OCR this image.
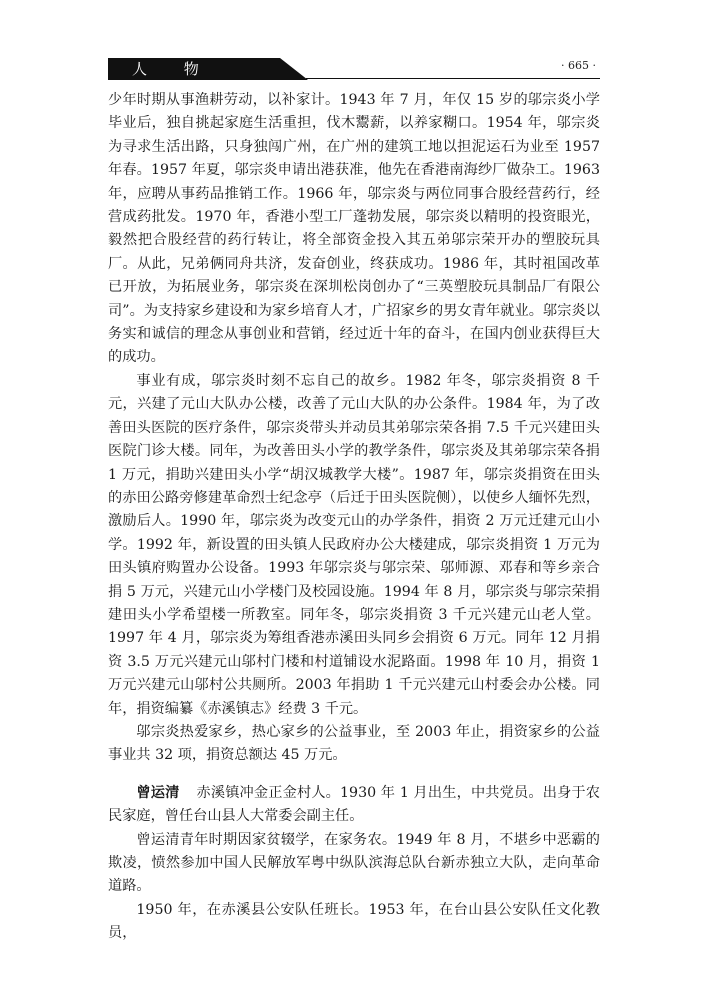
人 物	· 665 ·

少年时期从事渔耕劳动，以补家计。1943 年 7 月，年仅 15 岁的邬宗炎小学毕业后，独自挑起家庭生活重担，伐木鬻薪，以养家糊口。1954 年，邬宗炎为寻求生活出路，只身独闯广州，在广州的建筑工地以担泥运石为业至 1957 年春。1957 年夏，邬宗炎申请出港获准，他先在香港南海纱厂做杂工。1963 年，应聘从事药品推销工作。1966 年，邬宗炎与两位同事合股经营药行，经营成药批发。1970 年，香港小型工厂蓬勃发展，邬宗炎以精明的投资眼光，毅然把合股经营的药行转让，将全部资金投入其五弟邬宗荣开办的塑胶玩具厂。从此，兄弟俩同舟共济，发奋创业，终获成功。1986 年，其时祖国改革已开放，为拓展业务，邬宗炎在深圳松岗创办了“三英塑胶玩具制品厂有限公司”。为支持家乡建设和为家乡培育人才，广招家乡的男女青年就业。邬宗炎以务实和诚信的理念从事创业和营销，经过近十年的奋斗，在国内创业获得巨大的成功。

事业有成，邬宗炎时刻不忘自己的故乡。1982 年冬，邬宗炎捐资 8 千元，兴建了元山大队办公楼，改善了元山大队的办公条件。1984 年，为了改善田头医院的医疗条件，邬宗炎带头并动员其弟邬宗荣各捐 7.5 千元兴建田头医院门诊大楼。同年，为改善田头小学的教学条件，邬宗炎及其弟邬宗荣各捐 1 万元，捐助兴建田头小学“胡汉城教学大楼”。1987 年，邬宗炎捐资在田头的赤田公路旁修建革命烈士纪念亭（后迁于田头医院侧），以使乡人缅怀先烈，激励后人。1990 年，邬宗炎为改变元山的办学条件，捐资 2 万元迁建元山小学。1992 年，新设置的田头镇人民政府办公大楼建成，邬宗炎捐资 1 万元为田头镇府购置办公设备。1993 年邬宗炎与邬宗荣、邬师源、邓春和等乡亲合捐 5 万元，兴建元山小学楼门及校园设施。1994 年 8 月，邬宗炎与邬宗荣捐建田头小学希望楼一所教室。同年冬，邬宗炎捐资 3 千元兴建元山老人堂。1997 年 4 月，邬宗炎为筹组香港赤溪田头同乡会捐资 6 万元。同年 12 月捐资 3.5 万元兴建元山邬村门楼和村道铺设水泥路面。1998 年 10 月，捐资 1 万元兴建元山邬村公共厕所。2003 年捐助 1 千元兴建元山村委会办公楼。同年，捐资编纂《赤溪镇志》经费 3 千元。

邬宗炎热爱家乡，热心家乡的公益事业，至 2003 年止，捐资家乡的公益事业共 32 项，捐资总额达 45 万元。

曾运清 赤溪镇冲金正金村人。1930 年 1 月出生，中共党员。出身于农民家庭，曾任台山县人大常委会副主任。

曾运清青年时期因家贫辍学，在家务农。1949 年 8 月，不堪乡中恶霸的欺凌，愤然参加中国人民解放军粤中纵队滨海总队台新赤独立大队，走向革命道路。

1950 年，在赤溪县公安队任班长。1953 年，在台山县公安队任文化教员，
